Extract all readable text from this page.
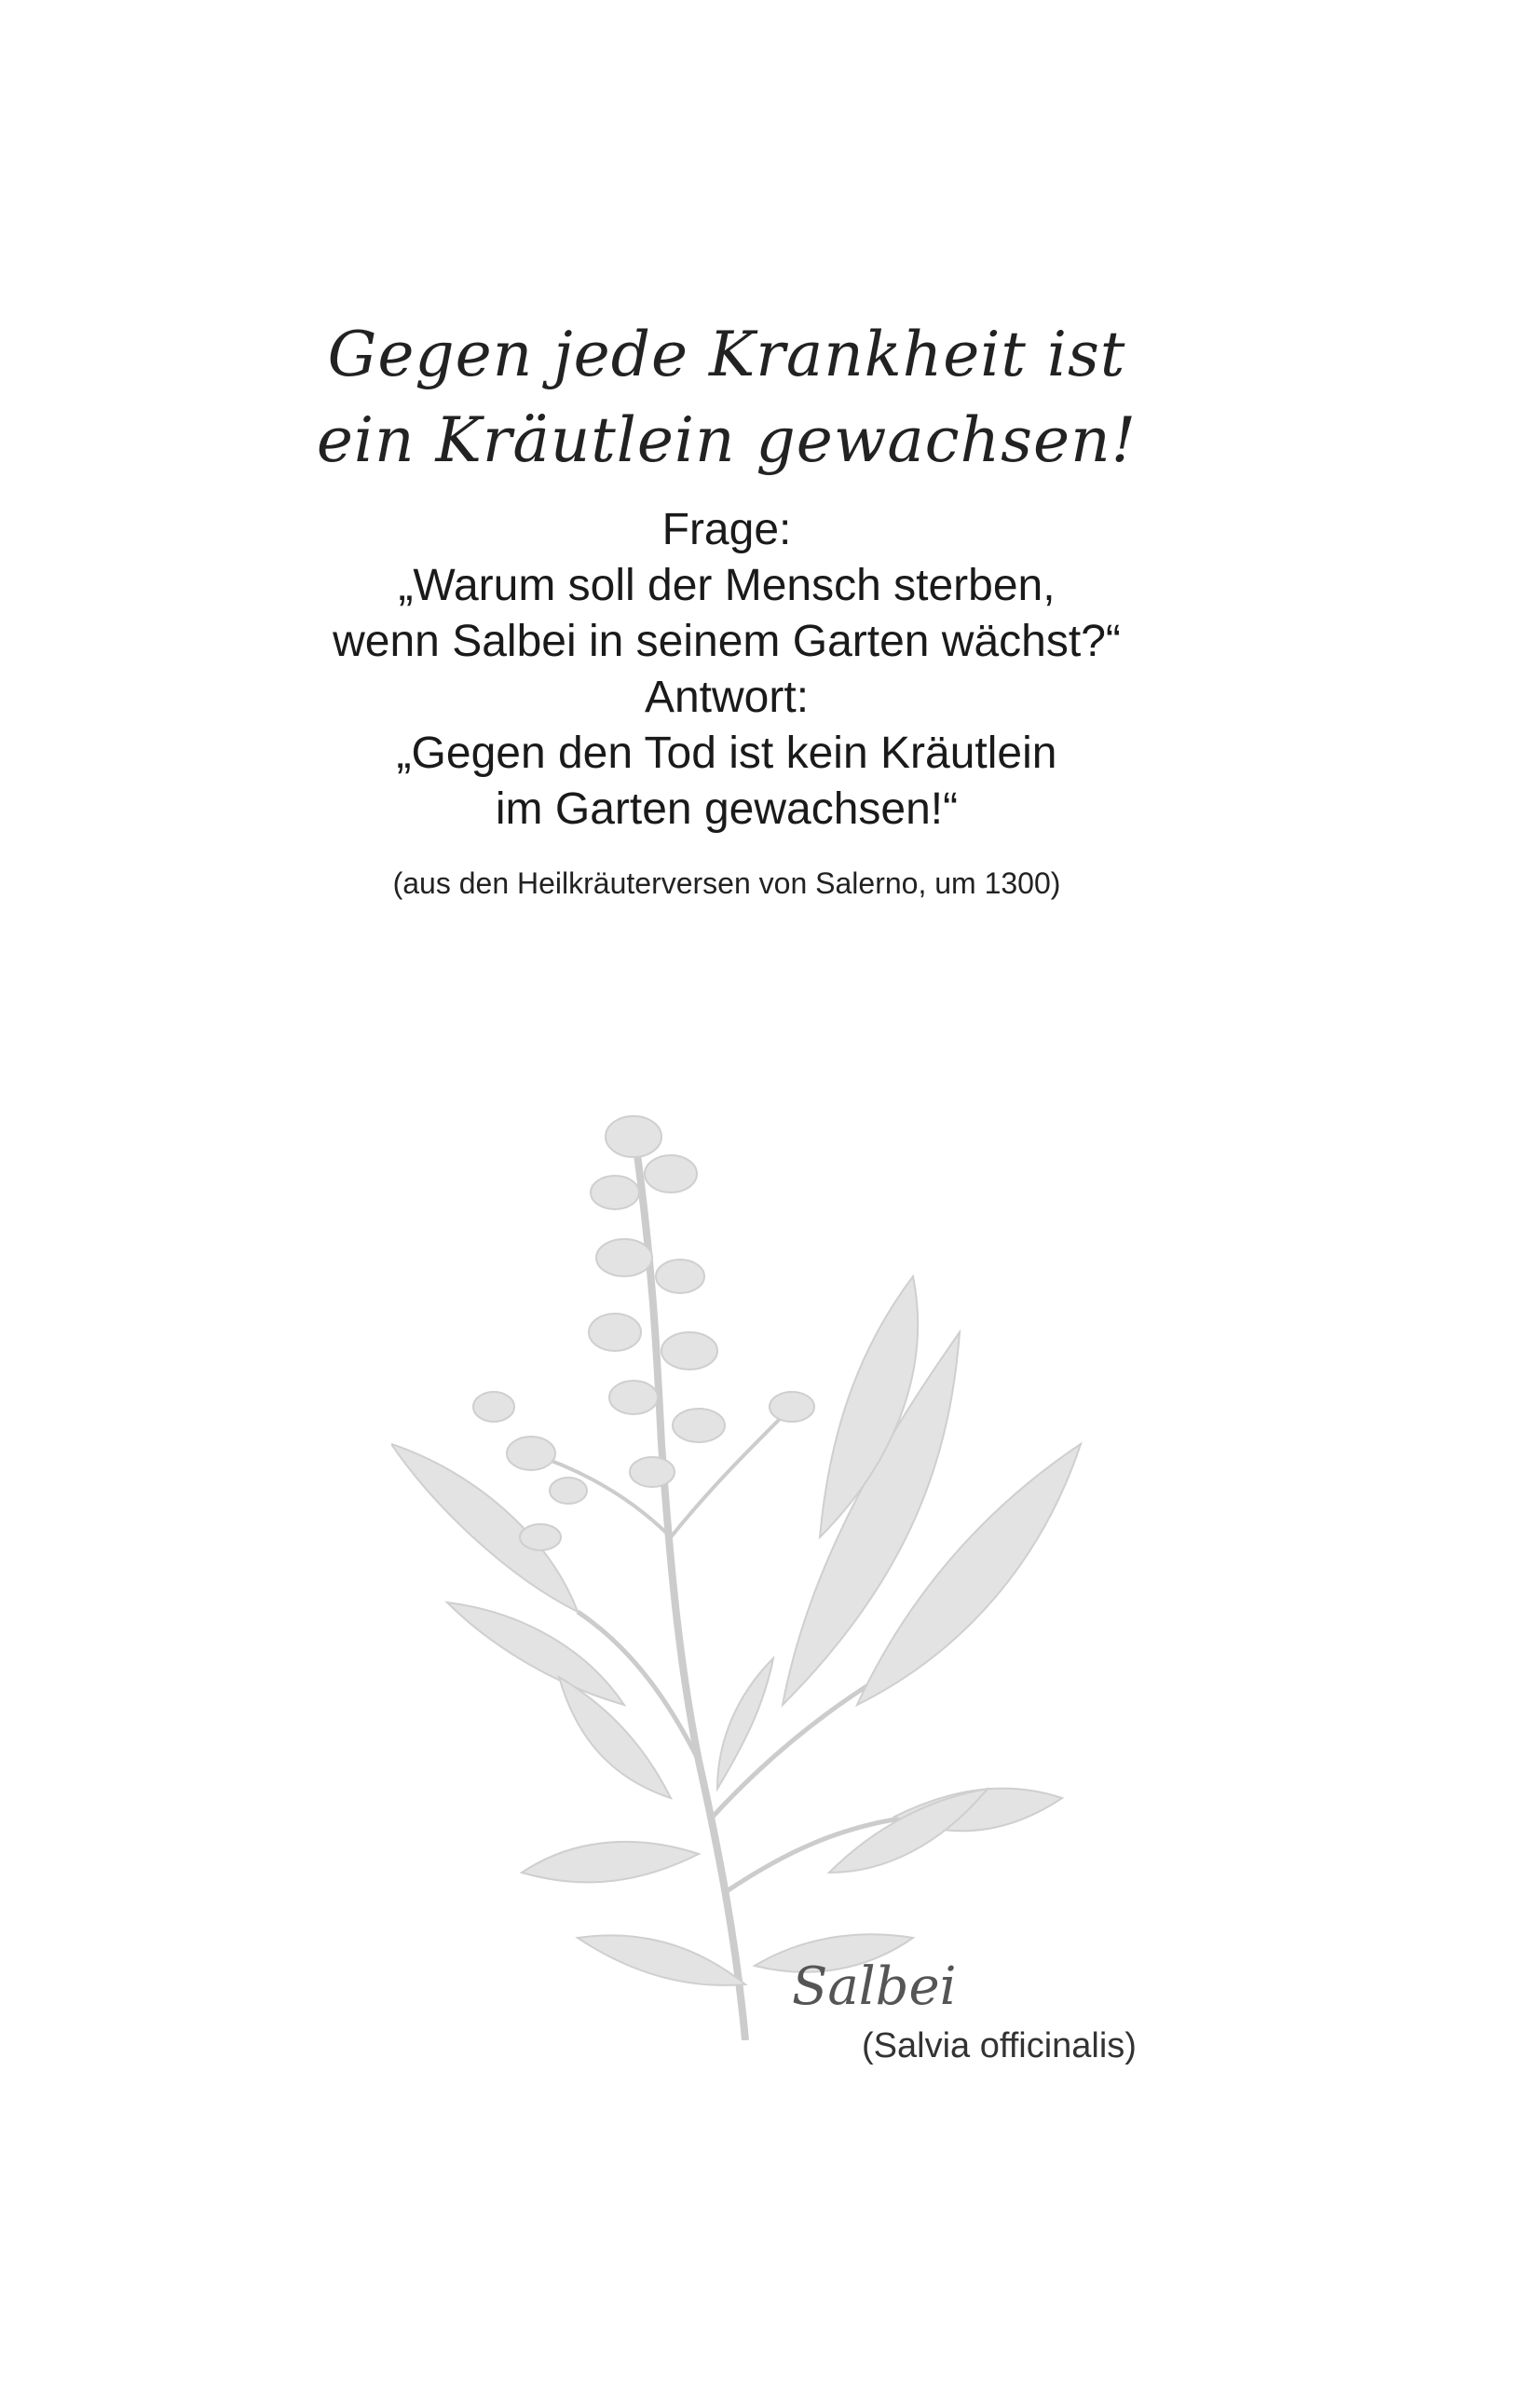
Gegen jede Krankheit ist
ein Kräutlein gewachsen!
Frage:
„Warum soll der Mensch sterben,
wenn Salbei in seinem Garten wächst?“
Antwort:
„Gegen den Tod ist kein Kräutlein
im Garten gewachsen!“
(aus den Heilkräuterversen von Salerno, um 1300)
Salbei
(Salvia officinalis)
